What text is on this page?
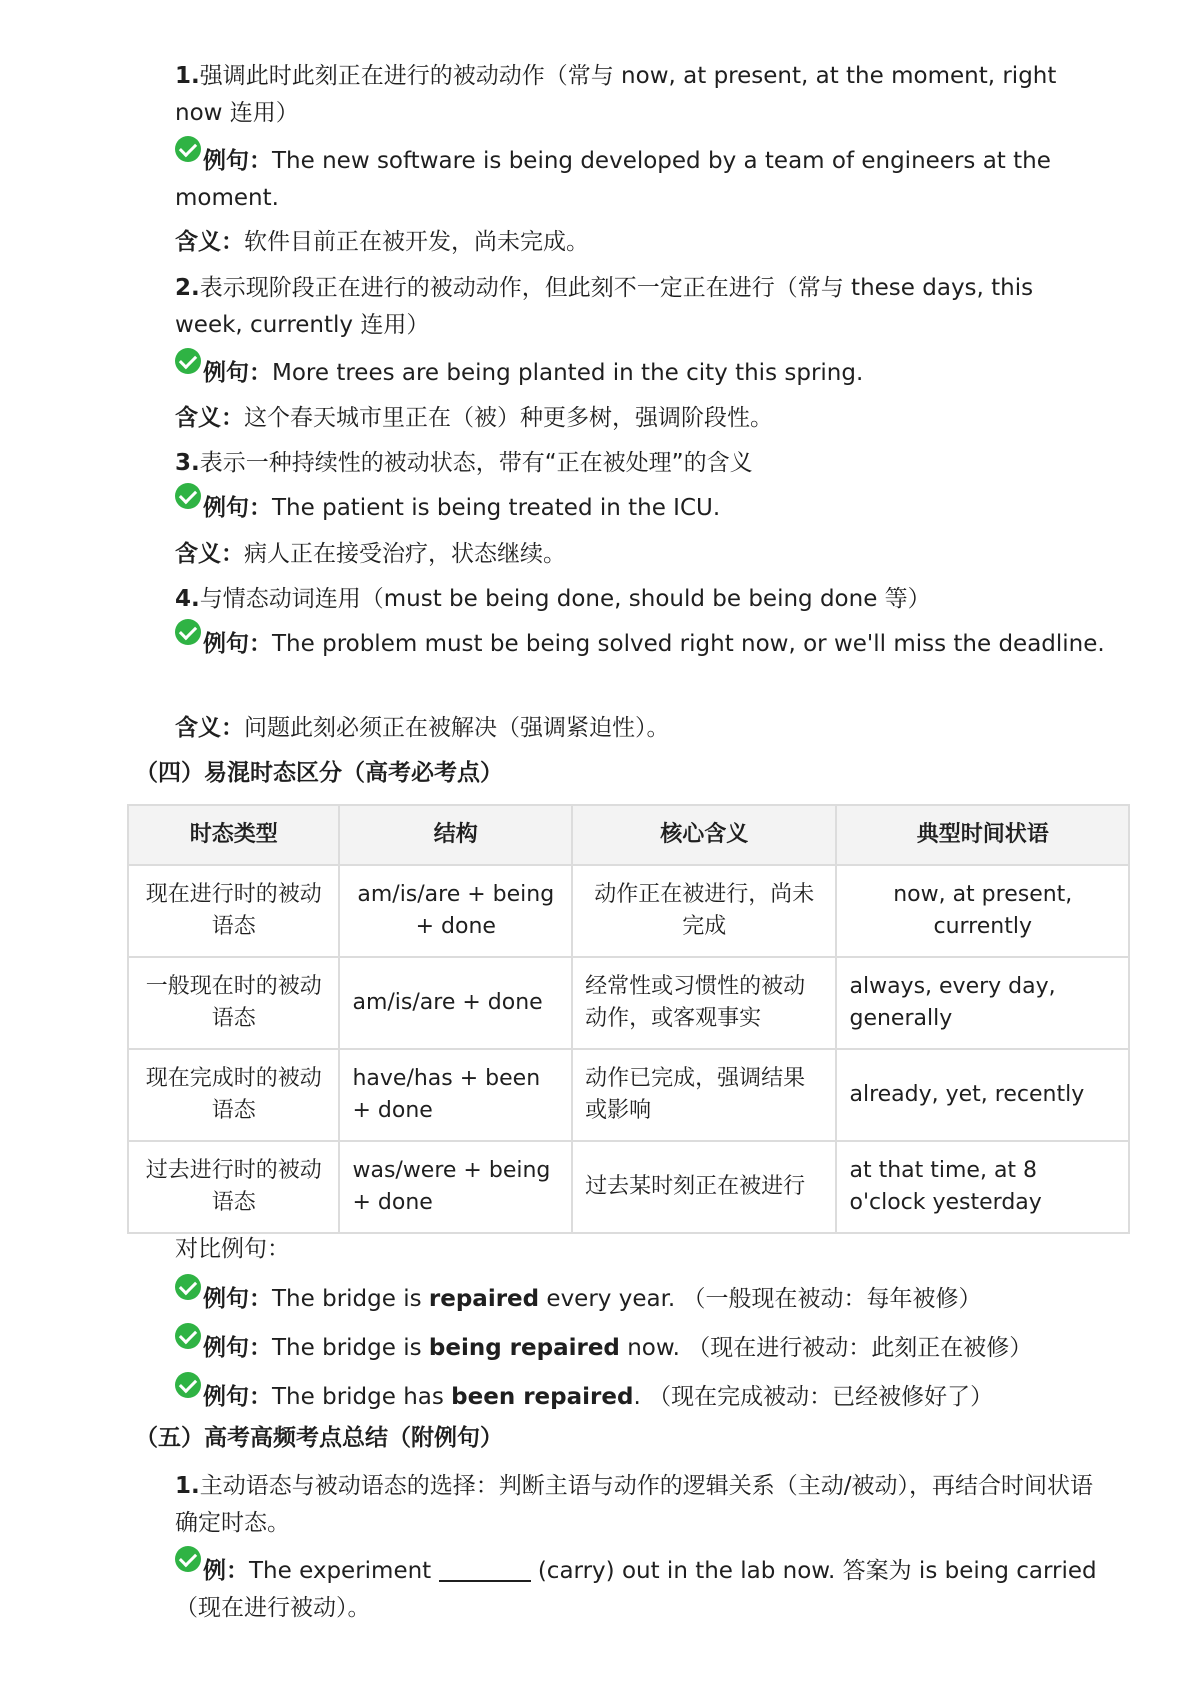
1.强调此时此刻正在进行的被动动作（常与 now, at present, at the moment, right now 连用）

例句：The new software is being developed by a team of engineers at the moment.

含义：软件目前正在被开发，尚未完成。

2.表示现阶段正在进行的被动动作，但此刻不一定正在进行（常与 these days, this week, currently 连用）

例句：More trees are being planted in the city this spring.

含义：这个春天城市里正在（被）种更多树，强调阶段性。

3.表示一种持续性的被动状态，带有“正在被处理”的含义

例句：The patient is being treated in the ICU.

含义：病人正在接受治疗，状态继续。

4.与情态动词连用（must be being done, should be being done 等）

例句：The problem must be being solved right now, or we'll miss the deadline.

含义：问题此刻必须正在被解决（强调紧迫性）。

（四）易混时态区分（高考必考点）

时态类型	结构	核心含义	典型时间状语
现在进行时的被动语态	am/is/are + being + done	动作正在被进行，尚未完成	now, at present, currently
一般现在时的被动语态	am/is/are + done	经常性或习惯性的被动动作，或客观事实	always, every day, generally
现在完成时的被动语态	have/has + been + done	动作已完成，强调结果或影响	already, yet, recently
过去进行时的被动语态	was/were + being + done	过去某时刻正在被进行	at that time, at 8 o'clock yesterday

对比例句：

例句：The bridge is repaired every year. （一般现在被动：每年被修）

例句：The bridge is being repaired now. （现在进行被动：此刻正在被修）

例句：The bridge has been repaired. （现在完成被动：已经被修好了）

（五）高考高频考点总结（附例句）

1.主动语态与被动语态的选择：判断主语与动作的逻辑关系（主动/被动），再结合时间状语确定时态。

例：The experiment	(carry) out in the lab now. 答案为 is being carried（现在进行被动）。
